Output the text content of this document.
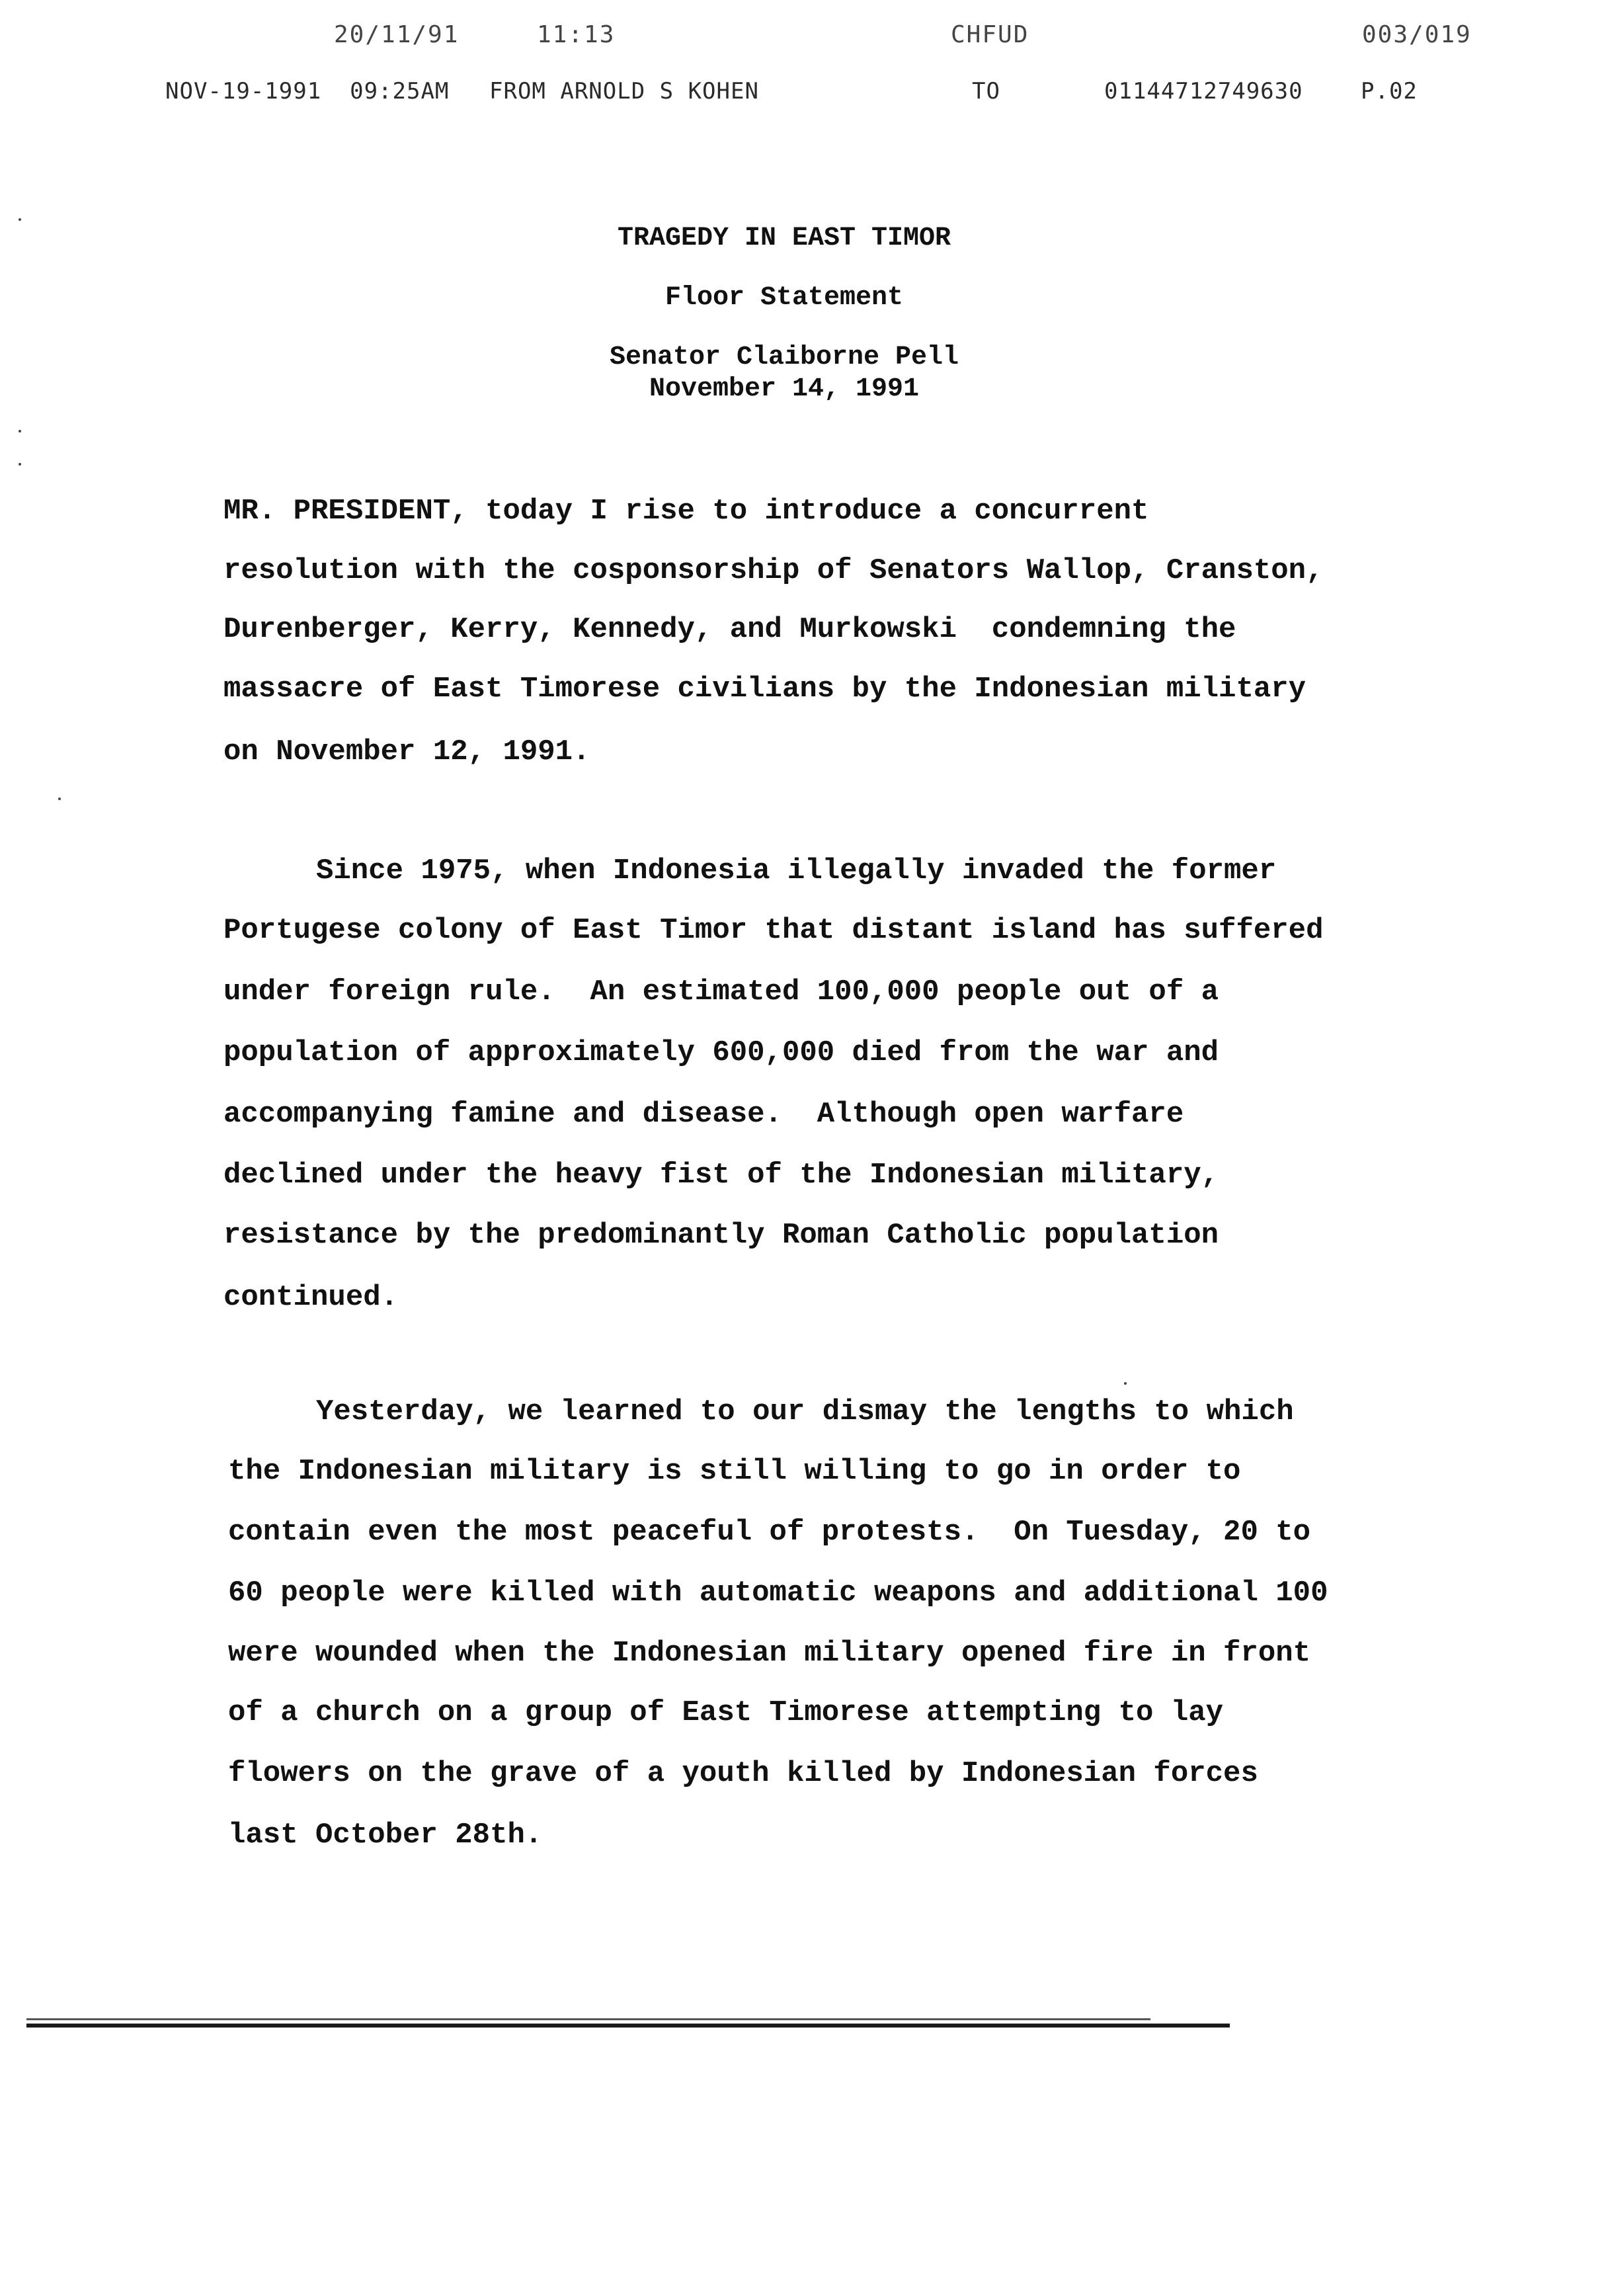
20/11/91	11:13	CHFUD	003/019
NOV-19-1991  09:25AM FROM ARNOLD S KOHEN	TO	01144712749630	P.02
TRAGEDY IN EAST TIMOR
Floor Statement
Senator Claiborne Pell
November 14, 1991
MR. PRESIDENT, today I rise to introduce a concurrent
resolution with the cosponsorship of Senators Wallop, Cranston,
Durenberger, Kerry, Kennedy, and Murkowski  condemning the
massacre of East Timorese civilians by the Indonesian military
on November 12, 1991.
Since 1975, when Indonesia illegally invaded the former
Portugese colony of East Timor that distant island has suffered
under foreign rule.  An estimated 100,000 people out of a
population of approximately 600,000 died from the war and
accompanying famine and disease.  Although open warfare
declined under the heavy fist of the Indonesian military,
resistance by the predominantly Roman Catholic population
continued.
Yesterday, we learned to our dismay the lengths to which
the Indonesian military is still willing to go in order to
contain even the most peaceful of protests.  On Tuesday, 20 to
60 people were killed with automatic weapons and additional 100
were wounded when the Indonesian military opened fire in front
of a church on a group of East Timorese attempting to lay
flowers on the grave of a youth killed by Indonesian forces
last October 28th.
